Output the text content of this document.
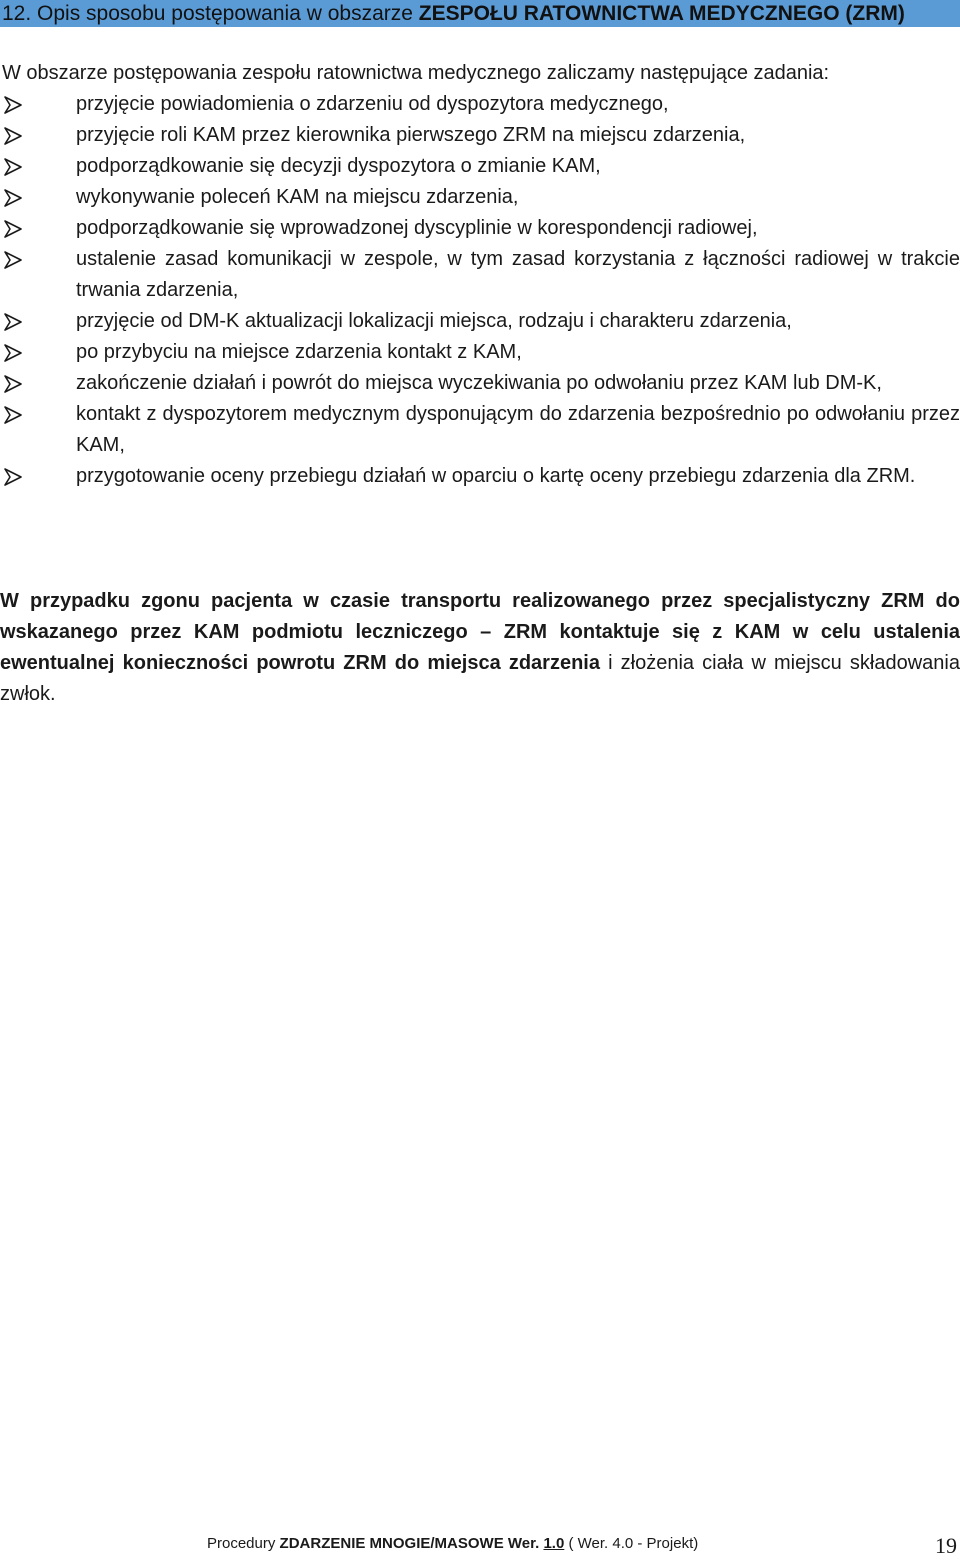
12. Opis sposobu postępowania w obszarze ZESPOŁU RATOWNICTWA MEDYCZNEGO (ZRM)
W obszarze postępowania zespołu ratownictwa medycznego zaliczamy następujące zadania:
przyjęcie powiadomienia o zdarzeniu od dyspozytora medycznego,
przyjęcie roli KAM przez kierownika pierwszego ZRM na miejscu zdarzenia,
podporządkowanie się decyzji dyspozytora o zmianie KAM,
wykonywanie poleceń KAM na miejscu zdarzenia,
podporządkowanie się wprowadzonej dyscyplinie w korespondencji radiowej,
ustalenie zasad komunikacji w zespole, w tym zasad korzystania z łączności radiowej w trakcie trwania zdarzenia,
przyjęcie od DM-K aktualizacji lokalizacji miejsca, rodzaju i charakteru zdarzenia,
po przybyciu na miejsce zdarzenia kontakt z KAM,
zakończenie działań i powrót do miejsca wyczekiwania po odwołaniu przez KAM lub DM-K,
kontakt z dyspozytorem medycznym dysponującym do zdarzenia bezpośrednio po odwołaniu przez KAM,
przygotowanie oceny przebiegu działań w oparciu o kartę oceny przebiegu zdarzenia dla ZRM.
W przypadku zgonu pacjenta w czasie transportu realizowanego przez specjalistyczny ZRM do wskazanego przez KAM podmiotu leczniczego – ZRM kontaktuje się z KAM w celu ustalenia ewentualnej konieczności powrotu ZRM do miejsca zdarzenia i złożenia ciała w miejscu składowania zwłok.
Procedury ZDARZENIE MNOGIE/MASOWE Wer. 1.0 ( Wer. 4.0 - Projekt)	19
